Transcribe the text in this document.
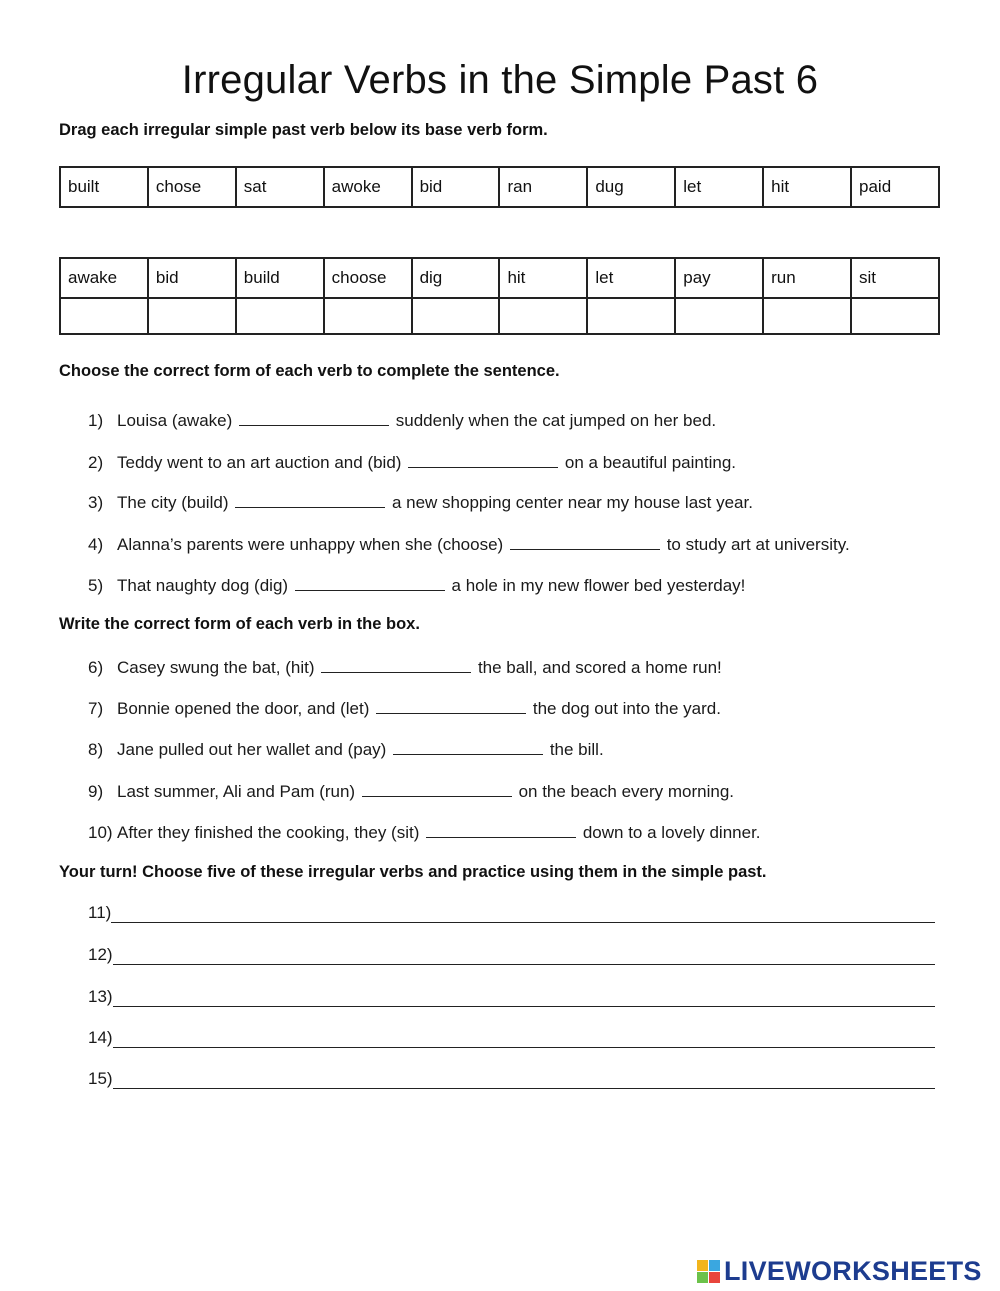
Irregular Verbs in the Simple Past 6
Drag each irregular simple past verb below its base verb form.
built	chose	sat	awoke	bid	ran	dug	let	hit	paid
awake	bid	build	choose	dig	hit	let	pay	run	sit

Choose the correct form of each verb to complete the sentence.
1) Louisa (awake)	suddenly when the cat jumped on her bed.
2) Teddy went to an art auction and (bid)	on a beautiful painting.
3) The city (build)	a new shopping center near my house last year.
4) Alanna’s parents were unhappy when she (choose)	to study art at university.
5) That naughty dog (dig)	a hole in my new flower bed yesterday!
Write the correct form of each verb in the box.
6) Casey swung the bat, (hit)	the ball, and scored a home run!
7) Bonnie opened the door, and (let)	the dog out into the yard.
8) Jane pulled out her wallet and (pay)	the bill.
9) Last summer, Ali and Pam (run)	on the beach every morning.
10) After they finished the cooking, they (sit)	down to a lovely dinner.
Your turn! Choose five of these irregular verbs and practice using them in the simple past.
11)
12)
13)
14)
15)
LIVEWORKSHEETS
